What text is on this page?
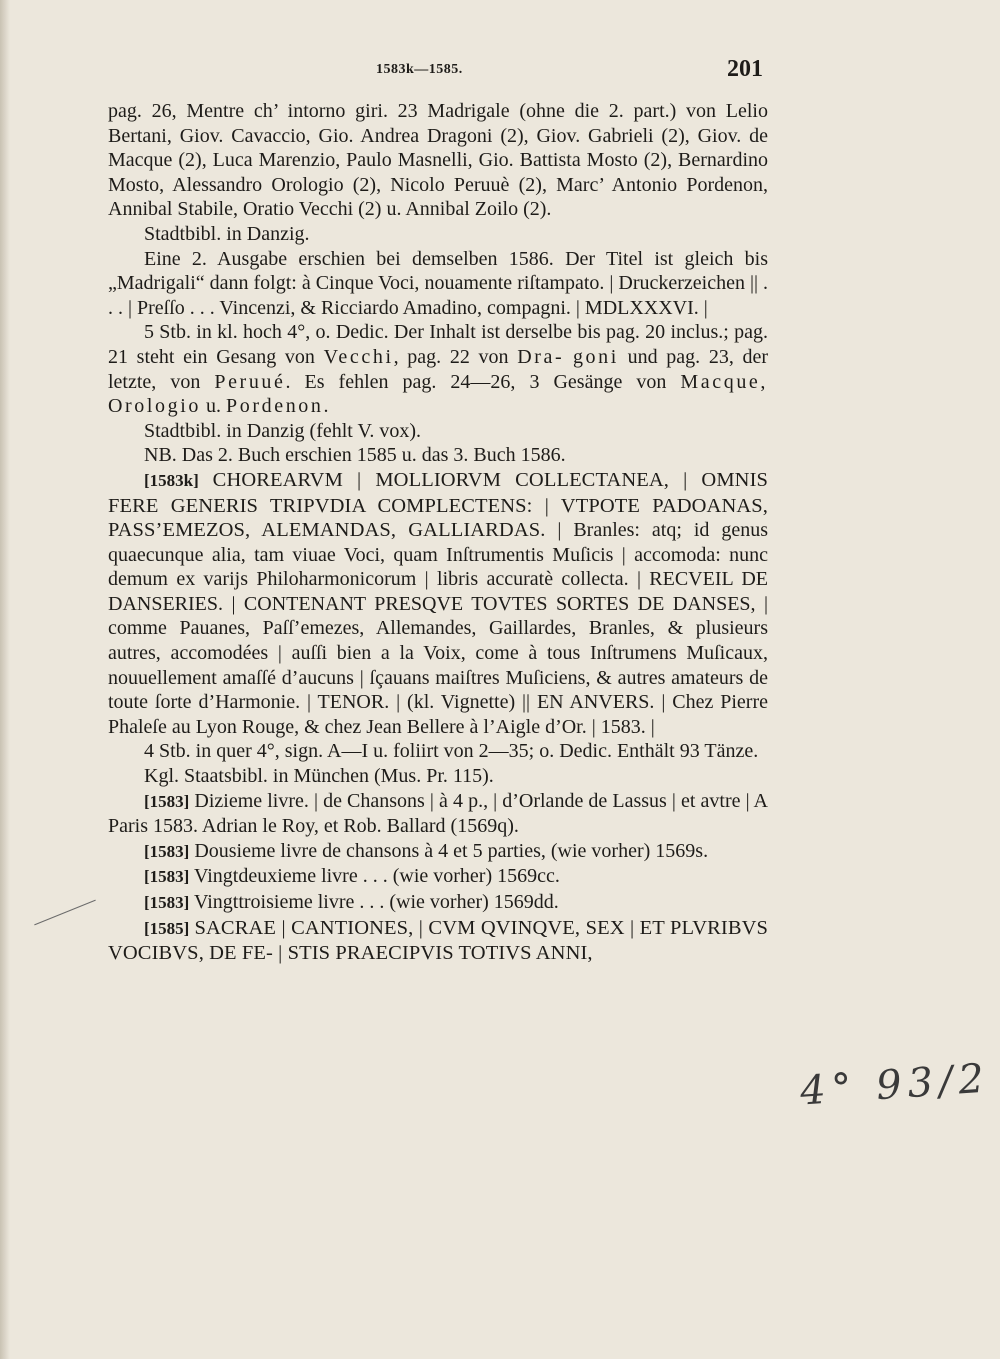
1583k—1585.	201

pag. 26, Mentre ch’ intorno giri. 23 Madrigale (ohne die 2. part.) von Lelio Bertani, Giov. Cavaccio, Gio. Andrea Dragoni (2), Giov. Gabrieli (2), Giov. de Macque (2), Luca Marenzio, Paulo Masnelli, Gio. Battista Mosto (2), Bernardino Mosto, Alessandro Orologio (2), Nicolo Peruuè (2), Marc’ Antonio Pordenon, Annibal Stabile, Oratio Vecchi (2) u. Annibal Zoilo (2).

Stadtbibl. in Danzig.

Eine 2. Ausgabe erschien bei demselben 1586. Der Titel ist gleich bis „Madrigali“ dann folgt: à Cinque Voci, nouamente riſtampato. | Druckerzeichen || . . . | Preſſo . . . Vincenzi, & Ricciardo Amadino, compagni. | MDLXXXVI. |

5 Stb. in kl. hoch 4°, o. Dedic. Der Inhalt ist derselbe bis pag. 20 inclus.; pag. 21 steht ein Gesang von Vecchi, pag. 22 von Dra- goni und pag. 23, der letzte, von Peruué. Es fehlen pag. 24—26, 3 Gesänge von Macque, Orologio u. Pordenon.

Stadtbibl. in Danzig (fehlt V. vox).

NB. Das 2. Buch erschien 1585 u. das 3. Buch 1586.

[1583k] CHOREARVM | MOLLIORVM COLLECTANEA, | OMNIS FERE GENERIS TRIPVDIA COMPLECTENS: | VTPOTE PADOANAS, PASS’EMEZOS, ALEMANDAS, GALLIARDAS. | Branles: atq; id genus quaecunque alia, tam viuae Voci, quam Inſtrumentis Muſicis | accomoda: nunc demum ex varijs Philoharmonicorum | libris accuratè collecta. | RECVEIL DE DANSERIES. | CONTENANT PRESQVE TOVTES SORTES DE DANSES, | comme Pauanes, Paſſ’emezes, Allemandes, Gaillardes, Branles, & plusieurs autres, accomodées | auſſi bien a la Voix, come à tous Inſtrumens Muſicaux, nouuellement amaſſé d’aucuns | ſçauans maiſtres Muſiciens, & autres amateurs de toute ſorte d’Harmonie. | TENOR. | (kl. Vignette) || EN ANVERS. | Chez Pierre Phaleſe au Lyon Rouge, & chez Jean Bellere à l’Aigle d’Or. | 1583. |

4 Stb. in quer 4°, sign. A—I u. foliirt von 2—35; o. Dedic. Enthält 93 Tänze.

Kgl. Staatsbibl. in München (Mus. Pr. 115).

[1583] Dizieme livre. | de Chansons | à 4 p., | d’Orlande de Lassus | et avtre | A Paris 1583. Adrian le Roy, et Rob. Ballard (1569q).

[1583] Dousieme livre de chansons à 4 et 5 parties, (wie vorher) 1569s.

[1583] Vingtdeuxieme livre . . . (wie vorher) 1569cc.

[1583] Vingttroisieme livre . . . (wie vorher) 1569dd.

[1585] SACRAE | CANTIONES, | CVM QVINQVE, SEX | ET PLVRIBVS VOCIBVS, DE FE- | STIS PRAECIPVIS TOTIVS ANNI,

4° 93/2
